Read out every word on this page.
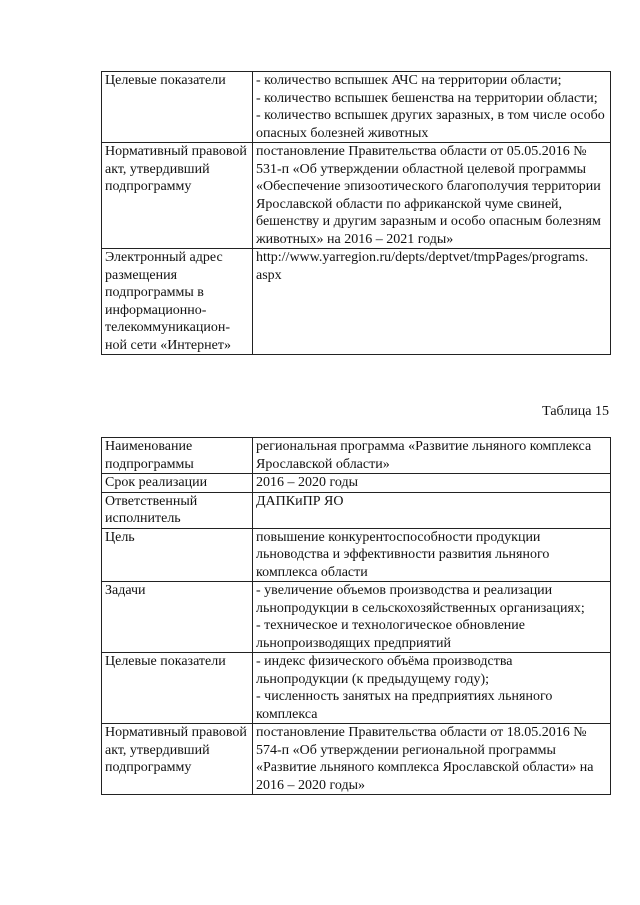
Целевые показатели	- количество вспышек АЧС на территории области;
- количество вспышек бешенства на территории области;
- количество вспышек других заразных, в том числе особо опасных болезней животных

Нормативный правовой акт, утвердивший подпрограмму	постановление Правительства области от 05.05.2016 № 531-п «Об утверждении областной целевой программы «Обеспечение эпизоотического благополучия территории Ярославской области по африканской чуме свиней, бешенству и другим заразным и особо опасным болезням животных» на 2016 – 2021 годы»
Электронный адрес размещения подпрограммы в информационно-
телекоммуникацион-
ной сети «Интернет»	http://www.yarregion.ru/depts/deptvet/tmpPages/programs.
aspx
Таблица 15
Наименование подпрограммы	региональная программа «Развитие льняного комплекса Ярославской области»
Срок реализации	2016 – 2020 годы
Ответственный исполнитель	ДАПКиПР ЯО
Цель	повышение конкурентоспособности продукции льноводства и эффективности развития льняного комплекса области
Задачи	- увеличение объемов производства и реализации льнопродукции в сельскохозяйственных организациях;
- техническое и технологическое обновление льнопроизводящих предприятий

Целевые показатели	- индекс физического объёма производства льнопродукции (к предыдущему году);
- численность занятых на предприятиях льняного комплекса

Нормативный правовой акт, утвердивший подпрограмму	постановление Правительства области от 18.05.2016 № 574-п «Об утверждении региональной программы «Развитие льняного комплекса Ярославской области» на 2016 – 2020 годы»
